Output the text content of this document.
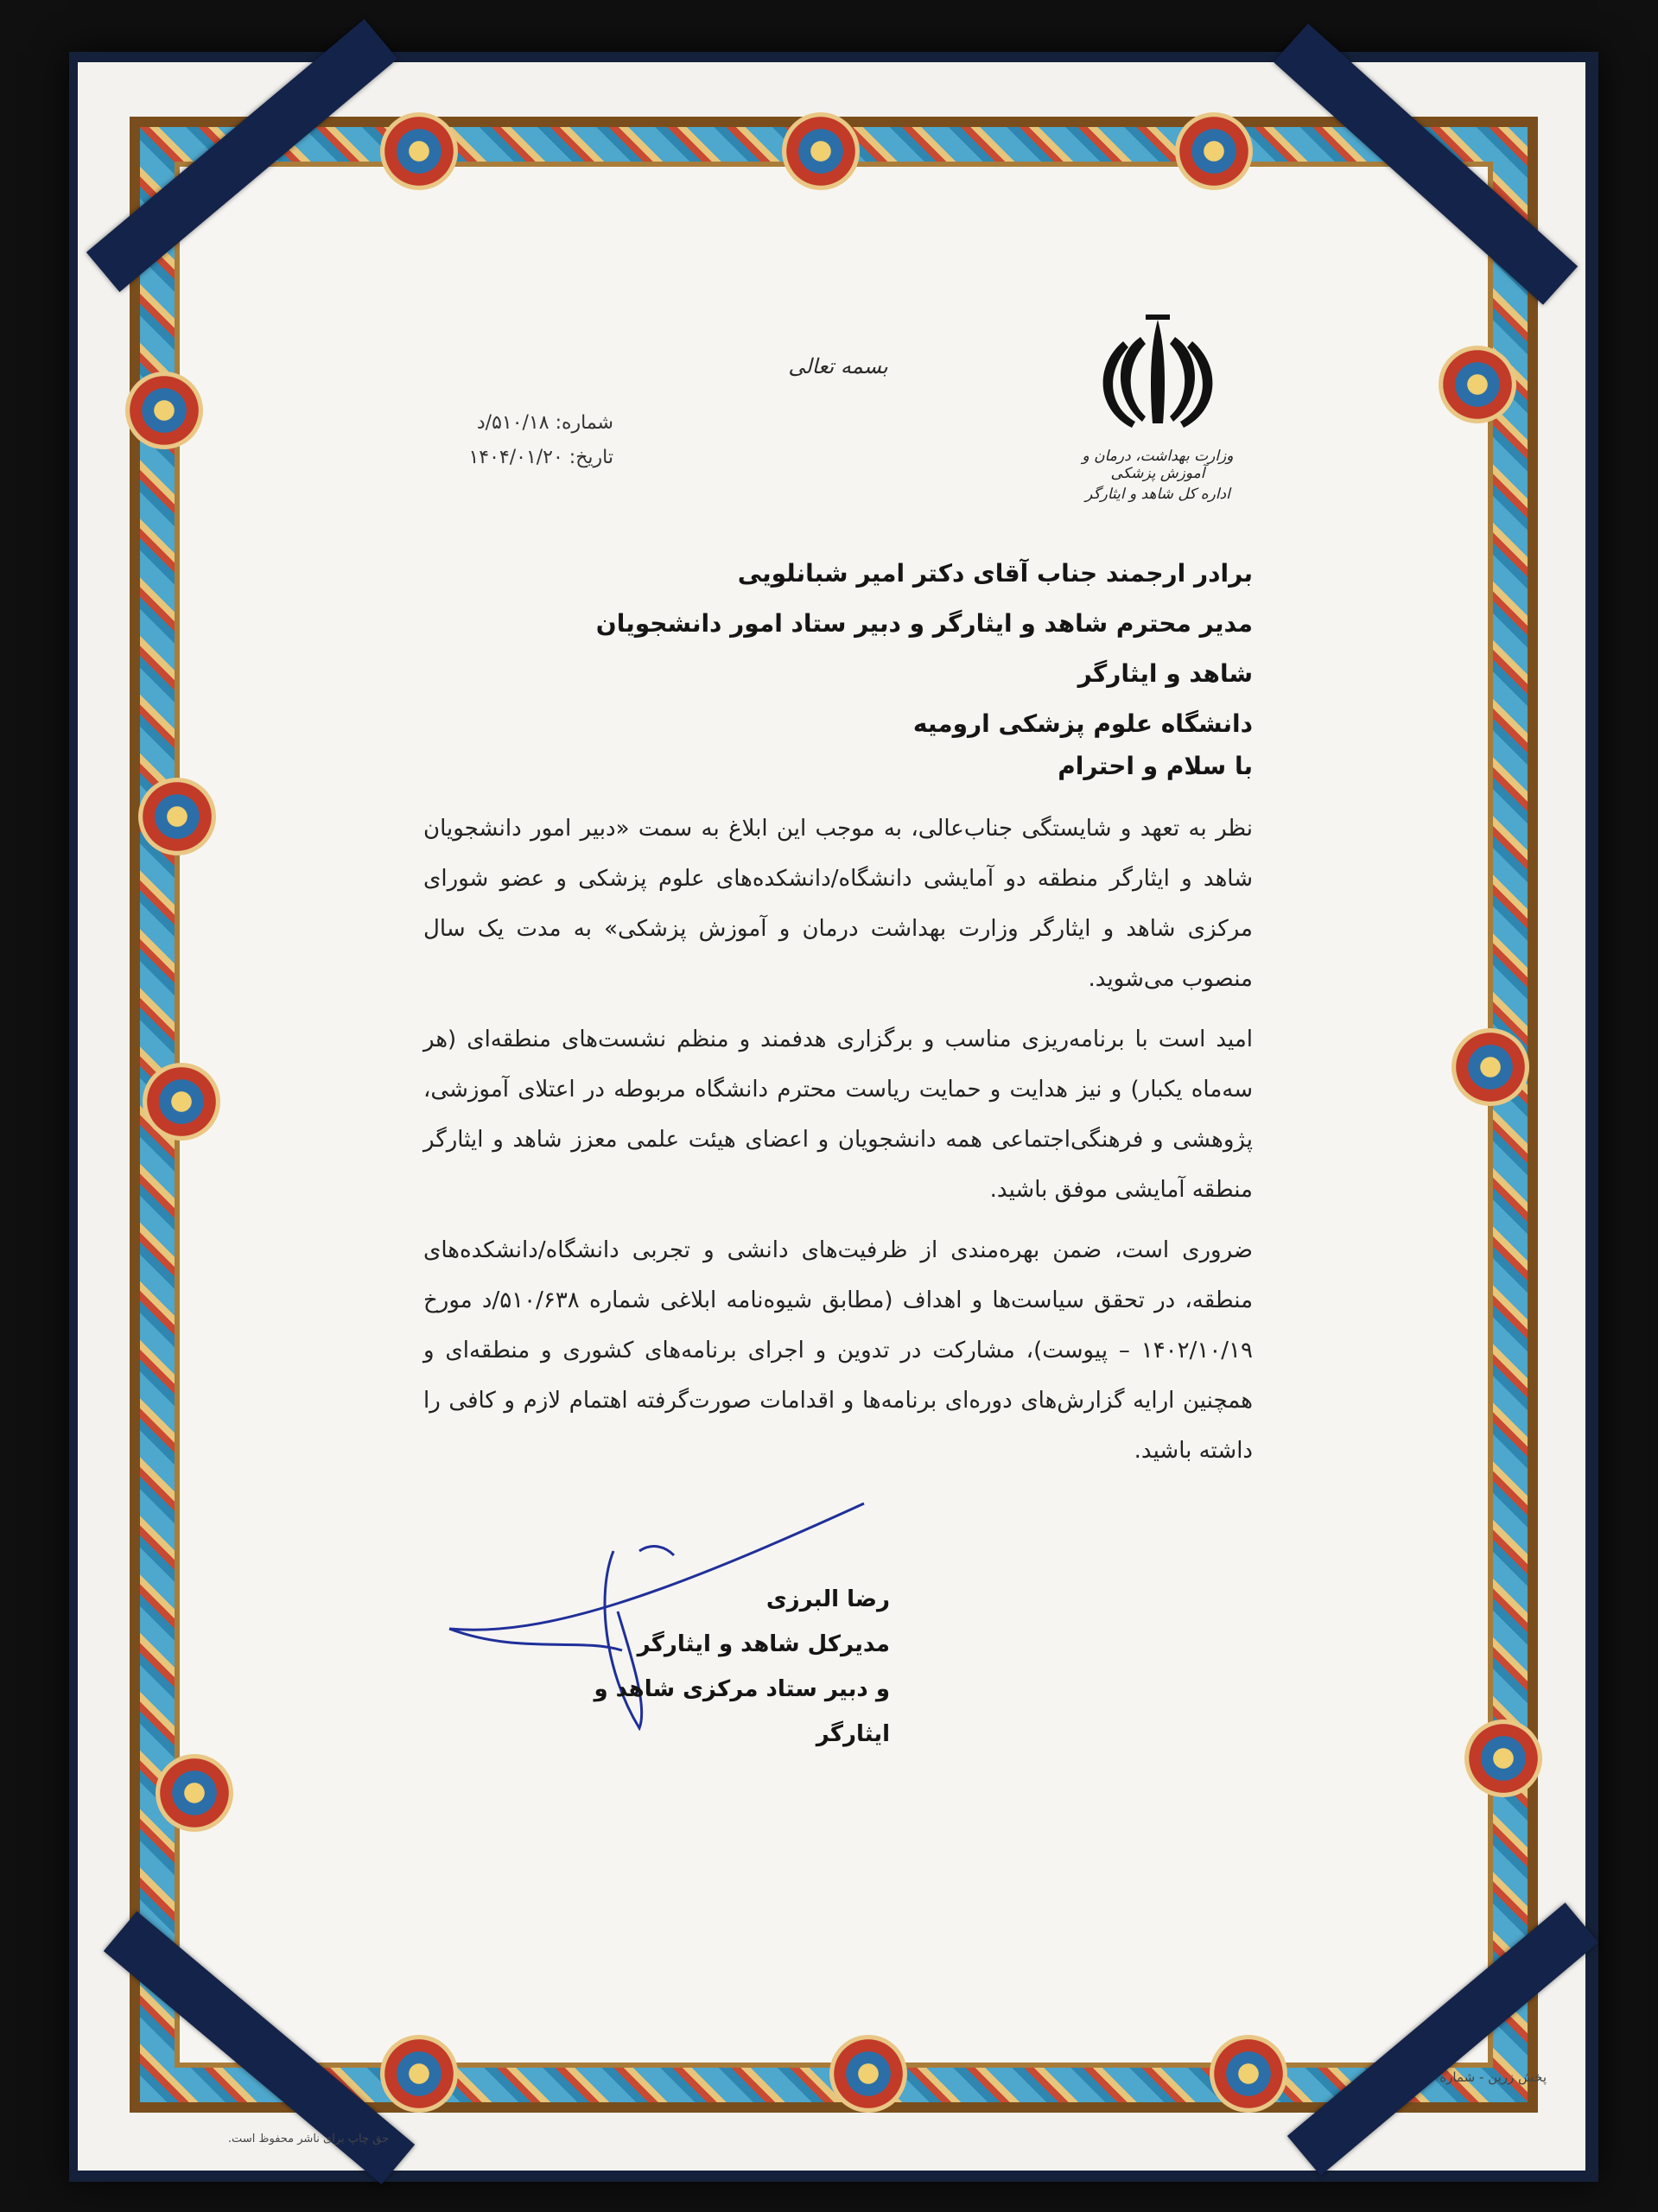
وزارت بهداشت، درمان و آموزش پزشکی
اداره کل شاهد و ایثارگر
بسمه تعالی
شماره: ۵۱۰/۱۸/د
تاریخ: ۱۴۰۴/۰۱/۲۰
برادر ارجمند جناب آقای دکتر امیر شبانلویی
مدیر محترم شاهد و ایثارگر و دبیر ستاد امور دانشجویان شاهد و ایثارگر
دانشگاه علوم پزشکی ارومیه
با سلام و احترام

نظر به تعهد و شایستگی جناب‌عالی، به موجب این ابلاغ به سمت «دبیر امور دانشجویان شاهد و ایثارگر منطقه دو آمایشی دانشگاه/دانشکده‌های علوم پزشکی و عضو شورای مرکزی شاهد و ایثارگر وزارت بهداشت درمان و آموزش پزشکی» به مدت یک سال منصوب می‌شوید.

امید است با برنامه‌ریزی مناسب و برگزاری هدفمند و منظم نشست‌های منطقه‌ای (هر سه‌ماه یکبار) و نیز هدایت و حمایت ریاست محترم دانشگاه مربوطه در اعتلای آموزشی، پژوهشی و فرهنگی‌اجتماعی همه دانشجویان و اعضای هیئت علمی معزز شاهد و ایثارگر منطقه آمایشی موفق باشید.

ضروری است، ضمن بهره‌مندی از ظرفیت‌های دانشی و تجربی دانشگاه/دانشکده‌های منطقه، در تحقق سیاست‌ها و اهداف (مطابق شیوه‌نامه ابلاغی شماره ۵۱۰/۶۳۸/د مورخ ۱۴۰۲/۱۰/۱۹ – پیوست)، مشارکت در تدوین و اجرای برنامه‌های کشوری و منطقه‌ای و همچنین ارایه گزارش‌های دوره‌ای برنامه‌ها و اقدامات صورت‌گرفته اهتمام لازم و کافی را داشته باشید.

رضا البرزی
مدیرکل شاهد و ایثارگر
و دبیر ستاد مرکزی شاهد و ایثارگر
پخش زرین - شماره
حق چاپ برای ناشر محفوظ است.
